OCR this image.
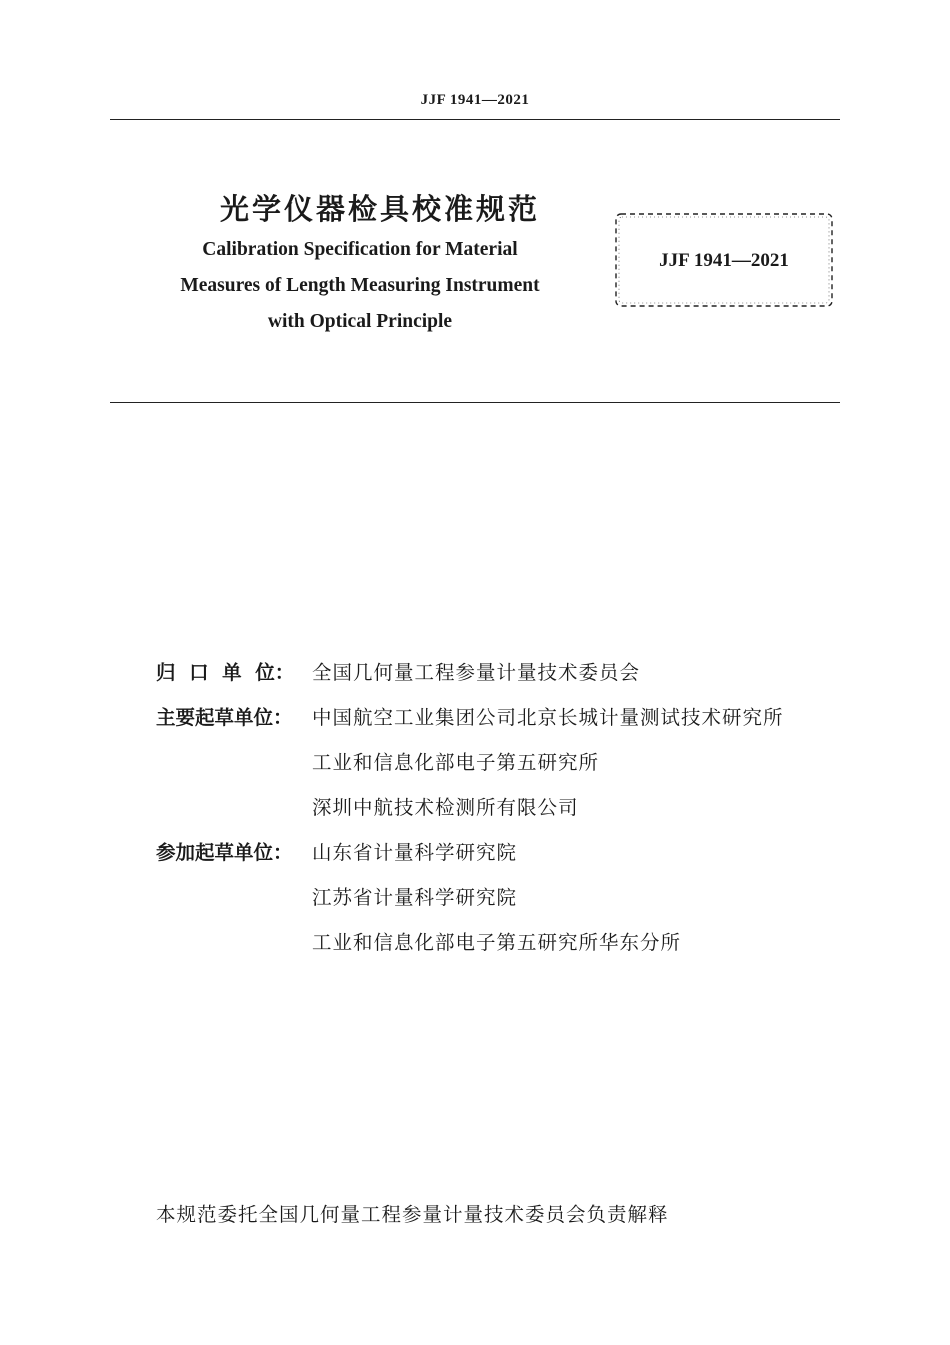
JJF 1941—2021
光学仪器检具校准规范
Calibration Specification for Material
Measures of Length Measuring Instrument
with Optical Principle
JJF 1941—2021
归  口  单  位： 全国几何量工程参量计量技术委员会
主要起草单位： 中国航空工业集团公司北京长城计量测试技术研究所
工业和信息化部电子第五研究所
深圳中航技术检测所有限公司
参加起草单位： 山东省计量科学研究院
江苏省计量科学研究院
工业和信息化部电子第五研究所华东分所
本规范委托全国几何量工程参量计量技术委员会负责解释
